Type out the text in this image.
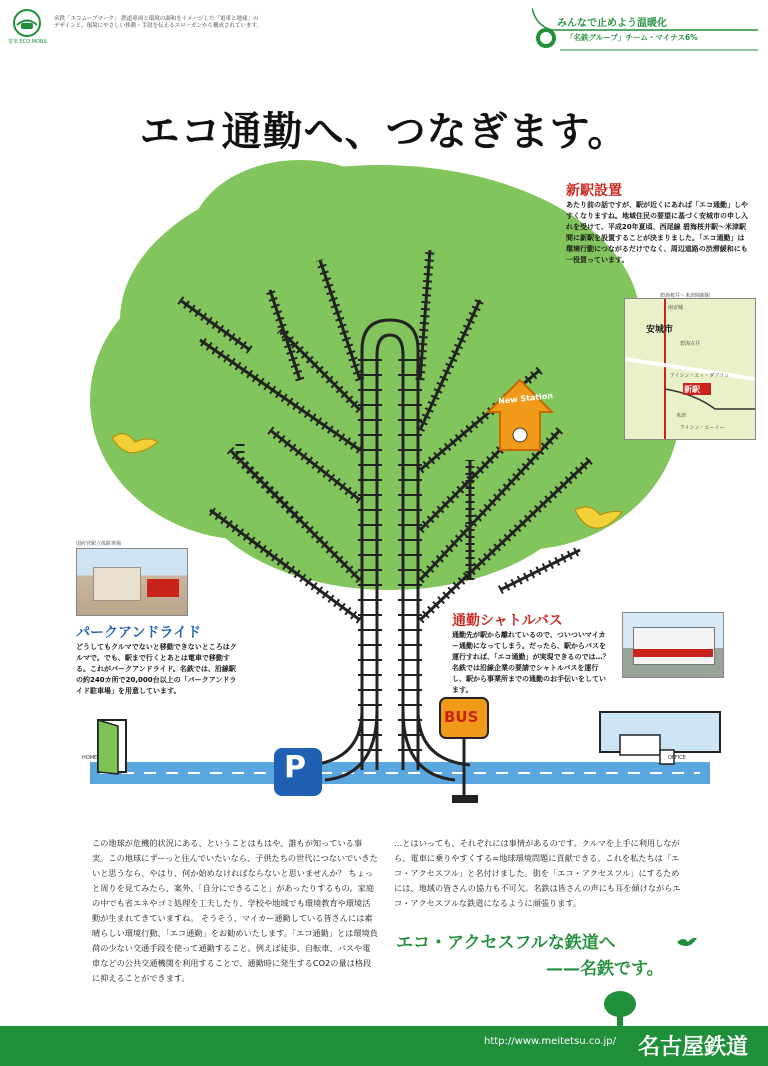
電車 ECO MOBIL
名鉄「エコムーブマーク」 鉄道車両と環境の調和をイメージした「電車と地球」のデザインと、環境にやさしい移動・手段を伝えるスローガンから構成されています。	みんなで止めよう温暖化
「名鉄グループ」チーム・マイナス6%
エコ通勤へ、つなぎます。
New Station
P
BUS
HOME	OFFICE
新駅設置
あたり前の話ですが、駅が近くにあれば「エコ通勤」しやすくなりますね。地域住民の要望に基づく安城市の申し入れを受けて、平成20年夏頃、西尾線 碧海桜井駅～米津駅間に新駅を設置することが決まりました。「エコ通勤」は環境行動につながるだけでなく、周辺道路の渋滞緩和にも一役買っています。
碧海桜井～米津間新駅
安城市
新駅
南安城
碧海古井
米津
アイシン・エィ・ダブリュ
アイシン・エーイー
国府宮駅立体駐車場
パークアンドライド
どうしてもクルマでないと移動できないところはクルマで。でも、駅まで行くとあとは電車で移動する。これがパークアンドライド。名鉄では、沿線駅の約240カ所で20,000台以上の「パークアンドライド駐車場」を用意しています。
通勤シャトルバス
通勤先が駅から離れているので、ついついマイカー通勤になってしまう。だったら、駅からバスを運行すれば、「エコ通勤」が実現できるのでは…？名鉄では沿線企業の要請でシャトルバスを運行し、駅から事業所までの通勤のお手伝いをしています。
この地球が危機的状況にある、ということはもはや、誰もが知っている事実。この地球にずーっと住んでいたいなら、子供たちの世代につないでいきたいと思うなら、やはり、何か始めなければならないと思いませんか？ ちょっと周りを見てみたら、案外、「自分にできること」があったりするもの。家庭の中でも省エネやゴミ処理を工夫したり、学校や地域でも環境教育や環境活動が生まれてきていますね。 そうそう、マイカー通勤している皆さんには素晴らしい環境行動、「エコ通勤」をお勧めいたします。「エコ通勤」とは環境負荷の少ない交通手段を使って通勤すること。例えば徒歩、自転車、バスや電車などの公共交通機関を利用することで、通勤時に発生するCO2の量は格段に抑えることができます。
…とはいっても、それぞれには事情があるのです。クルマを上手に利用しながら、電車に乗りやすくする=地球環境問題に貢献できる、これを私たちは「エコ・アクセスフル」と名付けました。街を「エコ・アクセスフル」にするためには、地域の皆さんの協力も不可欠。名鉄は皆さんの声にも耳を傾けながらエコ・アクセスフルな鉄道になるように頑張ります。
エコ・アクセスフルな鉄道へ
——名鉄です。
http://www.meitetsu.co.jp/ 名古屋鉄道
